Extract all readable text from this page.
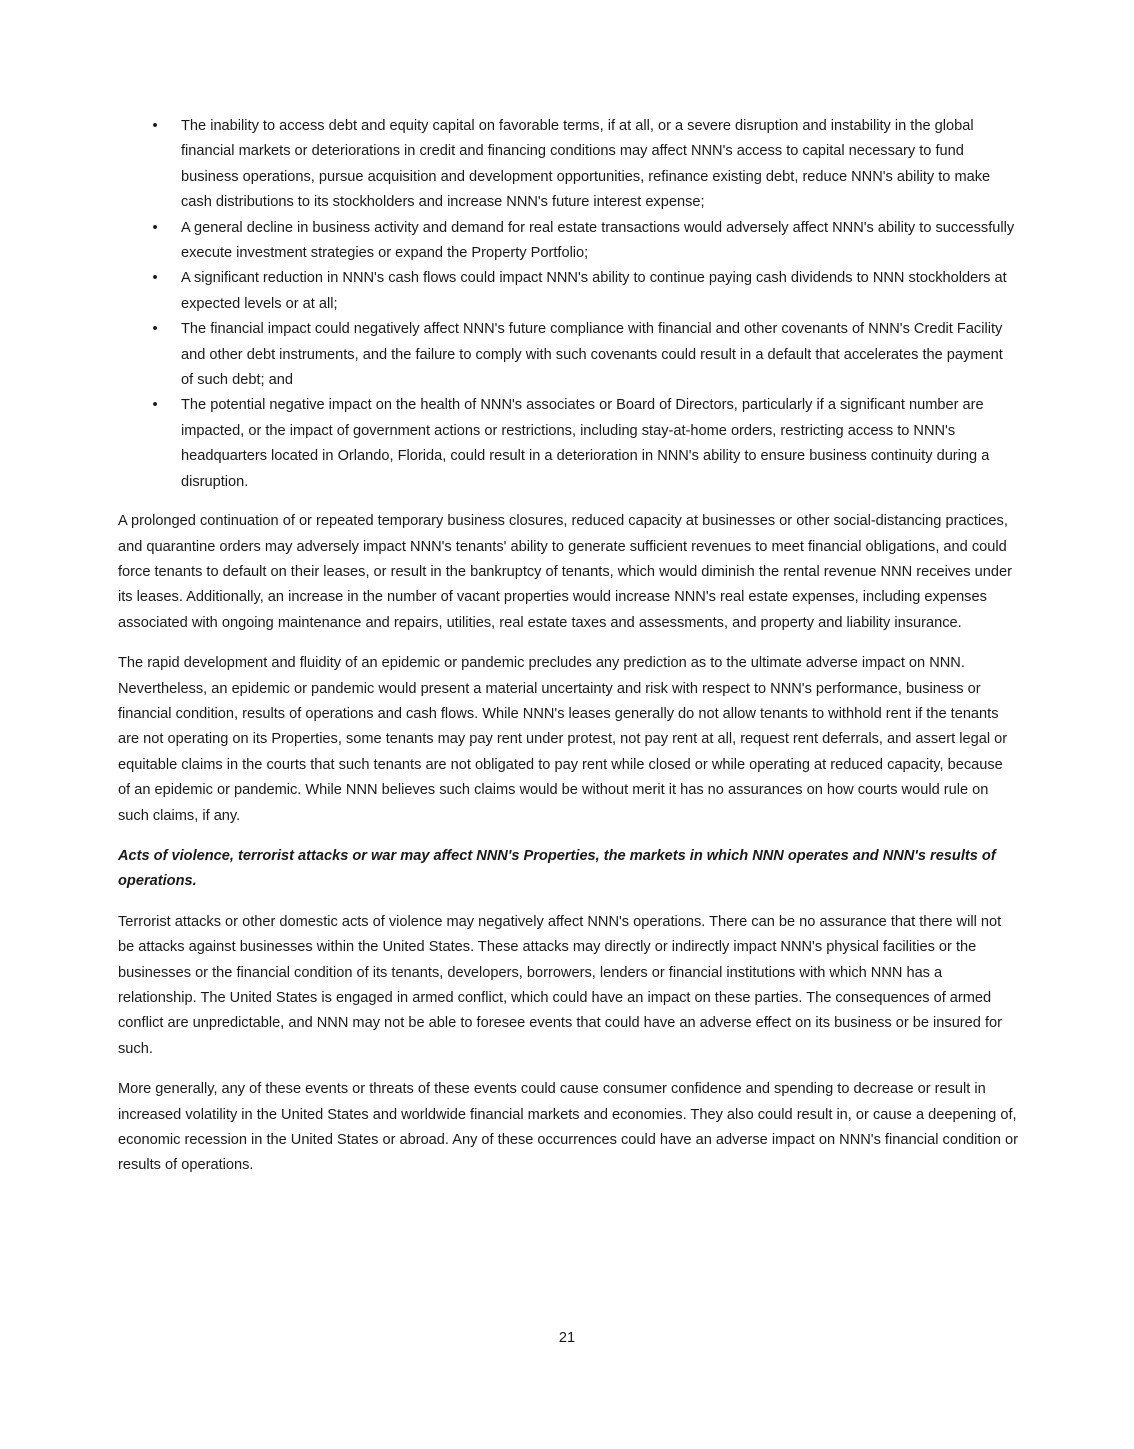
• The inability to access debt and equity capital on favorable terms, if at all, or a severe disruption and instability in the global financial markets or deteriorations in credit and financing conditions may affect NNN's access to capital necessary to fund business operations, pursue acquisition and development opportunities, refinance existing debt, reduce NNN's ability to make cash distributions to its stockholders and increase NNN's future interest expense;
• A general decline in business activity and demand for real estate transactions would adversely affect NNN's ability to successfully execute investment strategies or expand the Property Portfolio;
• A significant reduction in NNN's cash flows could impact NNN's ability to continue paying cash dividends to NNN stockholders at expected levels or at all;
• The financial impact could negatively affect NNN's future compliance with financial and other covenants of NNN's Credit Facility and other debt instruments, and the failure to comply with such covenants could result in a default that accelerates the payment of such debt; and
• The potential negative impact on the health of NNN's associates or Board of Directors, particularly if a significant number are impacted, or the impact of government actions or restrictions, including stay-at-home orders, restricting access to NNN's headquarters located in Orlando, Florida, could result in a deterioration in NNN's ability to ensure business continuity during a disruption.

A prolonged continuation of or repeated temporary business closures, reduced capacity at businesses or other social-distancing practices, and quarantine orders may adversely impact NNN's tenants' ability to generate sufficient revenues to meet financial obligations, and could force tenants to default on their leases, or result in the bankruptcy of tenants, which would diminish the rental revenue NNN receives under its leases. Additionally, an increase in the number of vacant properties would increase NNN's real estate expenses, including expenses associated with ongoing maintenance and repairs, utilities, real estate taxes and assessments, and property and liability insurance.

The rapid development and fluidity of an epidemic or pandemic precludes any prediction as to the ultimate adverse impact on NNN. Nevertheless, an epidemic or pandemic would present a material uncertainty and risk with respect to NNN's performance, business or financial condition, results of operations and cash flows. While NNN's leases generally do not allow tenants to withhold rent if the tenants are not operating on its Properties, some tenants may pay rent under protest, not pay rent at all, request rent deferrals, and assert legal or equitable claims in the courts that such tenants are not obligated to pay rent while closed or while operating at reduced capacity, because of an epidemic or pandemic. While NNN believes such claims would be without merit it has no assurances on how courts would rule on such claims, if any.

Acts of violence, terrorist attacks or war may affect NNN's Properties, the markets in which NNN operates and NNN's results of operations.

Terrorist attacks or other domestic acts of violence may negatively affect NNN's operations. There can be no assurance that there will not be attacks against businesses within the United States. These attacks may directly or indirectly impact NNN's physical facilities or the businesses or the financial condition of its tenants, developers, borrowers, lenders or financial institutions with which NNN has a relationship. The United States is engaged in armed conflict, which could have an impact on these parties. The consequences of armed conflict are unpredictable, and NNN may not be able to foresee events that could have an adverse effect on its business or be insured for such.

More generally, any of these events or threats of these events could cause consumer confidence and spending to decrease or result in increased volatility in the United States and worldwide financial markets and economies. They also could result in, or cause a deepening of, economic recession in the United States or abroad. Any of these occurrences could have an adverse impact on NNN's financial condition or results of operations.

21
